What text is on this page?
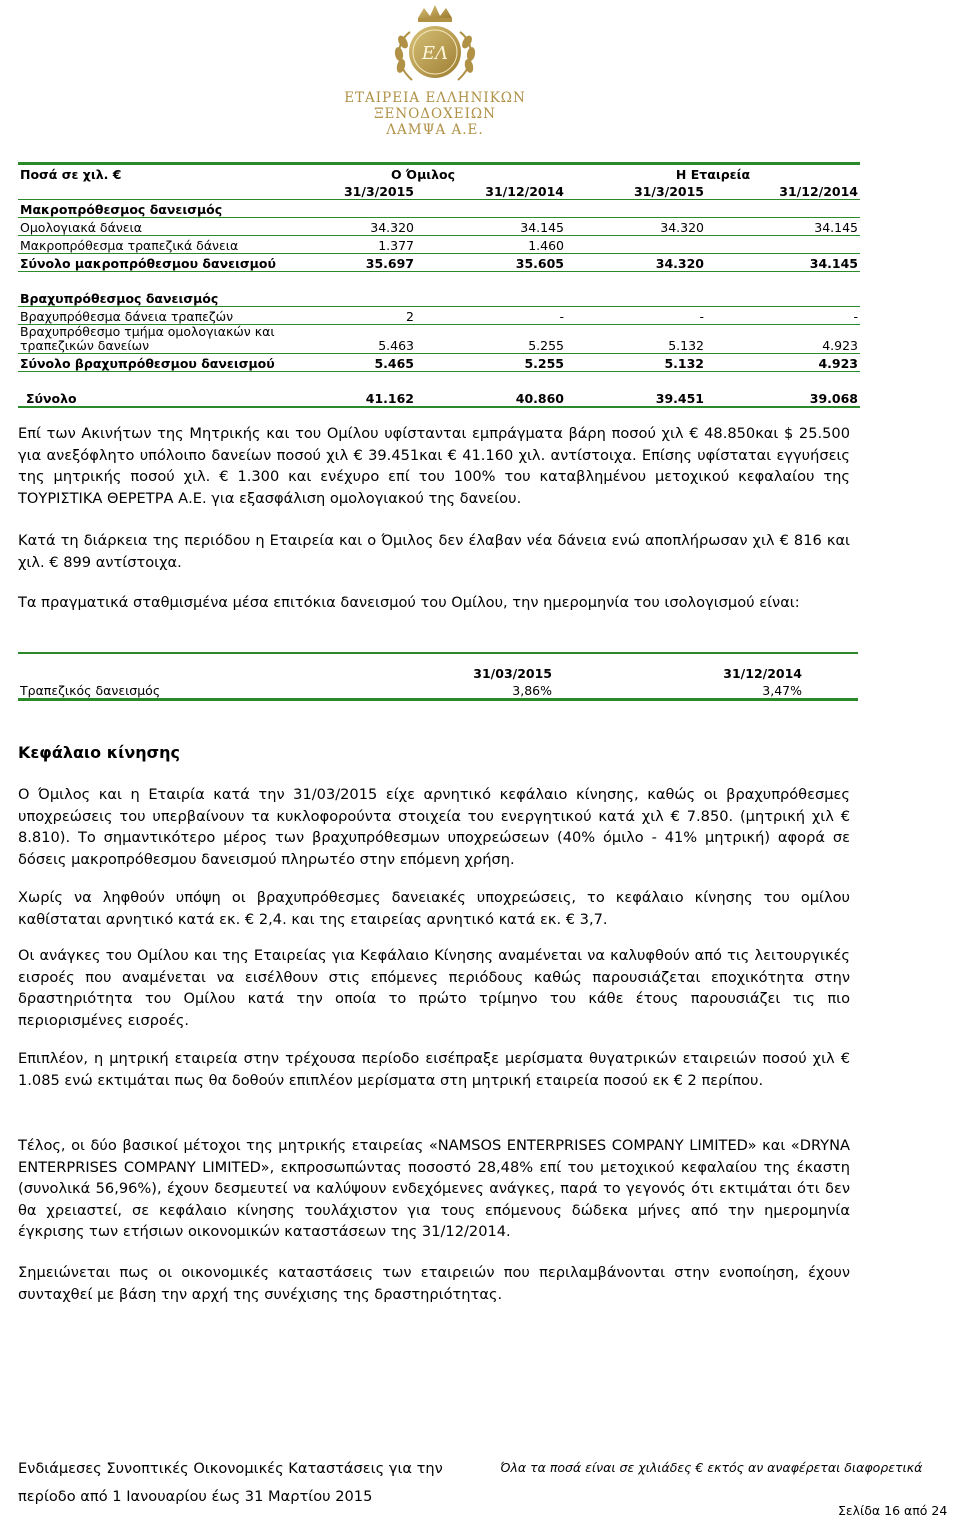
ΕΛ
ΕΤΑΙΡΕΙΑ ΕΛΛΗΝΙΚΩΝ ΞΕΝΟΔΟΧΕΙΩΝ
ΛΑΜΨΑ Α.Ε.
Ποσά σε χιλ. €	Ο Όμιλος		Η Εταιρεία	
	31/3/2015	31/12/2014	31/3/2015	31/12/2014
Μακροπρόθεσμος δανεισμός				
Ομολογιακά δάνεια	34.320	34.145	34.320	34.145
Μακροπρόθεσμα τραπεζικά δάνεια	1.377	1.460		
Σύνολο μακροπρόθεσμου δανεισμού	35.697	35.605	34.320	34.145

Βραχυπρόθεσμος δανεισμός				
Βραχυπρόθεσμα δάνεια τραπεζών	2	-	-	-
Βραχυπρόθεσμο τμήμα ομολογιακών και
τραπεζικών δανείων	5.463	5.255	5.132	4.923
Σύνολο βραχυπρόθεσμου δανεισμού	5.465	5.255	5.132	4.923

Σύνολο	41.162	40.860	39.451	39.068
Επί των Ακινήτων της Μητρικής και του Ομίλου υφίστανται εμπράγματα βάρη ποσού χιλ € 48.850και $ 25.500 για ανεξόφλητο υπόλοιπο δανείων ποσού χιλ € 39.451και € 41.160 χιλ. αντίστοιχα. Επίσης υφίσταται εγγυήσεις της μητρικής ποσού χιλ. € 1.300 και ενέχυρο επί του 100% του καταβλημένου μετοχικού κεφαλαίου της ΤΟΥΡΙΣΤΙΚΑ ΘΕΡΕΤΡΑ Α.Ε. για εξασφάλιση ομολογιακού της δανείου.
Κατά τη διάρκεια της περιόδου η Εταιρεία και ο Όμιλος δεν έλαβαν νέα δάνεια ενώ αποπλήρωσαν χιλ € 816 και χιλ. € 899 αντίστοιχα.
Τα πραγματικά σταθμισμένα μέσα επιτόκια δανεισμού του Ομίλου, την ημερομηνία του ισολογισμού είναι:

	31/03/2015	31/12/2014	
Τραπεζικός δανεισμός	3,86%	3,47%	
Κεφάλαιο κίνησης
Ο Όμιλος και η Εταιρία κατά την 31/03/2015 είχε αρνητικό κεφάλαιο κίνησης, καθώς οι βραχυπρόθεσμες υποχρεώσεις του υπερβαίνουν τα κυκλοφορούντα στοιχεία του ενεργητικού κατά χιλ € 7.850. (μητρική χιλ € 8.810). Το σημαντικότερο μέρος των βραχυπρόθεσμων υποχρεώσεων (40% όμιλο - 41% μητρική) αφορά σε δόσεις μακροπρόθεσμου δανεισμού πληρωτέο στην επόμενη χρήση.
Χωρίς να ληφθούν υπόψη οι βραχυπρόθεσμες δανειακές υποχρεώσεις, το κεφάλαιο κίνησης του ομίλου καθίσταται αρνητικό κατά εκ. € 2,4. και της εταιρείας αρνητικό κατά εκ. € 3,7.
Οι ανάγκες του Ομίλου και της Εταιρείας για Κεφάλαιο Κίνησης αναμένεται να καλυφθούν από τις λειτουργικές εισροές που αναμένεται να εισέλθουν στις επόμενες περιόδους καθώς παρουσιάζεται εποχικότητα στην δραστηριότητα του Ομίλου κατά την οποία το πρώτο τρίμηνο του κάθε έτους παρουσιάζει τις πιο περιορισμένες εισροές.
Επιπλέον, η μητρική εταιρεία στην τρέχουσα περίοδο εισέπραξε μερίσματα θυγατρικών εταιρειών ποσού χιλ € 1.085 ενώ εκτιμάται πως θα δοθούν επιπλέον μερίσματα στη μητρική εταιρεία ποσού εκ € 2 περίπου.
Τέλος, οι δύο βασικοί μέτοχοι της μητρικής εταιρείας «NAMSOS ENTERPRISES COMPANY LIMITED» και «DRYNA ENTERPRISES COMPANY LIMITED», εκπροσωπώντας ποσοστό 28,48% επί του μετοχικού κεφαλαίου της έκαστη (συνολικά 56,96%), έχουν δεσμευτεί να καλύψουν ενδεχόμενες ανάγκες, παρά το γεγονός ότι εκτιμάται ότι δεν θα χρειαστεί, σε κεφάλαιο κίνησης τουλάχιστον για τους επόμενους δώδεκα μήνες από την ημερομηνία έγκρισης των ετήσιων οικονομικών καταστάσεων της 31/12/2014.
Σημειώνεται πως οι οικονομικές καταστάσεις των εταιρειών που περιλαμβάνονται στην ενοποίηση, έχουν συνταχθεί με βάση την αρχή της συνέχισης της δραστηριότητας.
Ενδιάμεσες Συνοπτικές Οικονομικές Καταστάσεις για την
περίοδο από 1 Ιανουαρίου έως 31 Μαρτίου 2015
Όλα τα ποσά είναι σε χιλιάδες € εκτός αν αναφέρεται διαφορετικά
Σελίδα 16 από 24
